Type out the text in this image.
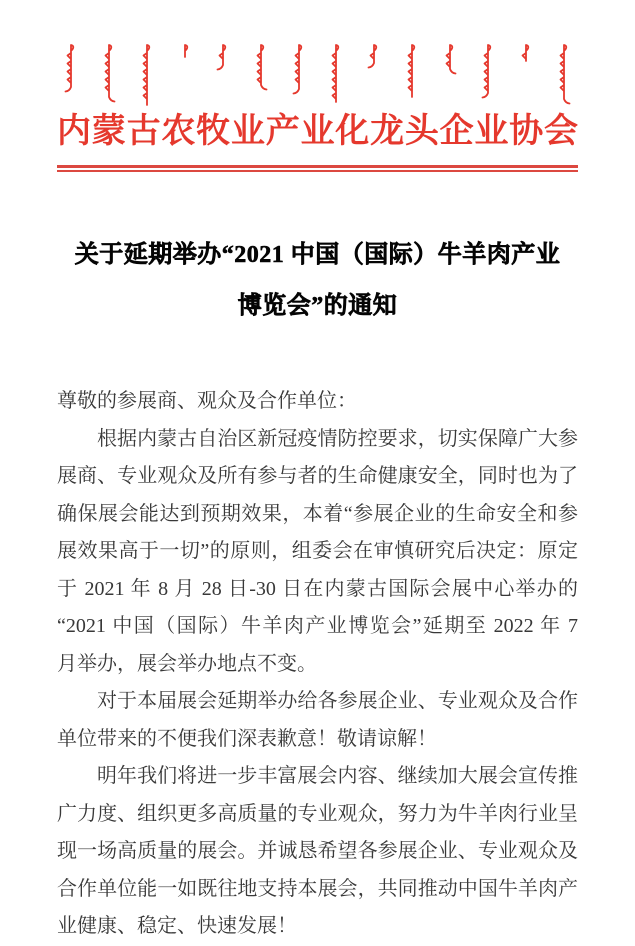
内蒙古农牧业产业化龙头企业协会
关于延期举办“2021 中国（国际）牛羊肉产业
博览会”的通知
尊敬的参展商、观众及合作单位：
根据内蒙古自治区新冠疫情防控要求，切实保障广大参
展商、专业观众及所有参与者的生命健康安全，同时也为了
确保展会能达到预期效果，本着“参展企业的生命安全和参
展效果高于一切”的原则，组委会在审慎研究后决定：原定
于 2021 年 8 月 28 日-30 日在内蒙古国际会展中心举办的
“2021 中国（国际）牛羊肉产业博览会”延期至 2022 年 7
月举办，展会举办地点不变。
对于本届展会延期举办给各参展企业、专业观众及合作
单位带来的不便我们深表歉意！敬请谅解！
明年我们将进一步丰富展会内容、继续加大展会宣传推
广力度、组织更多高质量的专业观众，努力为牛羊肉行业呈
现一场高质量的展会。并诚恳希望各参展企业、专业观众及
合作单位能一如既往地支持本展会，共同推动中国牛羊肉产
业健康、稳定、快速发展！
